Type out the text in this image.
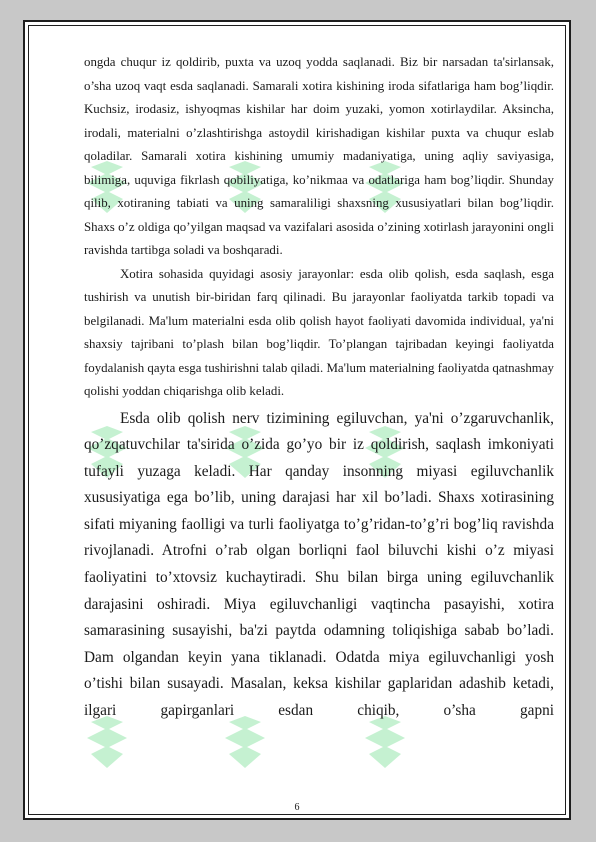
ongda chuqur iz qoldirib, puxta va uzoq yodda saqlanadi. Biz bir narsadan ta'sirlansak, o’sha uzoq vaqt esda saqlanadi. Samarali xotira kishining iroda sifatlariga ham bog’liqdir. Kuchsiz, irodasiz, ishyoqmas kishilar har doim yuzaki, yomon xotirlaydilar. Aksincha, irodali, materialni o’zlashtirishga astoydil kirishadigan kishilar puxta va chuqur eslab qoladilar. Samarali xotira kishining umumiy madaniyatiga, uning aqliy saviyasiga, bilimiga, uquviga fikrlash qobiliyatiga, ko’nikmaa va odatlariga ham bog’liqdir. Shunday qilib, xotiraning tabiati va uning samaraliligi shaxsning xususiyatlari bilan bog’liqdir. Shaxs o’z oldiga qo’yilgan maqsad va vazifalari asosida o’zining xotirlash jarayonini ongli ravishda tartibga soladi va boshqaradi.

Xotira sohasida quyidagi asosiy jarayonlar: esda olib qolish, esda saqlash, esga tushirish va unutish bir-biridan farq qilinadi. Bu jarayonlar faoliyatda tarkib topadi va belgilanadi. Ma'lum materialni esda olib qolish hayot faoliyati davomida individual, ya'ni shaxsiy tajribani to’plash bilan bog’liqdir. To’plangan tajribadan keyingi faoliyatda foydalanish qayta esga tushirishni talab qiladi. Ma'lum materialning faoliyatda qatnashmay qolishi yoddan chiqarishga olib keladi.

Esda olib qolish nerv tizimining egiluvchan, ya'ni o’zgaruvchanlik, qo’zqatuvchilar ta'sirida o’zida go’yo bir iz qoldirish, saqlash imkoniyati tufayli yuzaga keladi. Har qanday insonning miyasi egiluvchanlik xususiyatiga ega bo’lib, uning darajasi har xil bo’ladi. Shaxs xotirasining sifati miyaning faolligi va turli faoliyatga to’g’ridan-to’g’ri bog’liq ravishda rivojlanadi. Atrofni o’rab olgan borliqni faol biluvchi kishi o’z miyasi faoliyatini to’xtovsiz kuchaytiradi. Shu bilan birga uning egiluvchanlik darajasini oshiradi. Miya egiluvchanligi vaqtincha pasayishi, xotira samarasining susayishi, ba'zi paytda odamning toliqishiga sabab bo’ladi. Dam olgandan keyin yana tiklanadi. Odatda miya egiluvchanligi yosh o’tishi bilan susayadi. Masalan, keksa kishilar gaplaridan adashib ketadi, ilgari gapirganlari esdan chiqib, o’sha gapni

6
